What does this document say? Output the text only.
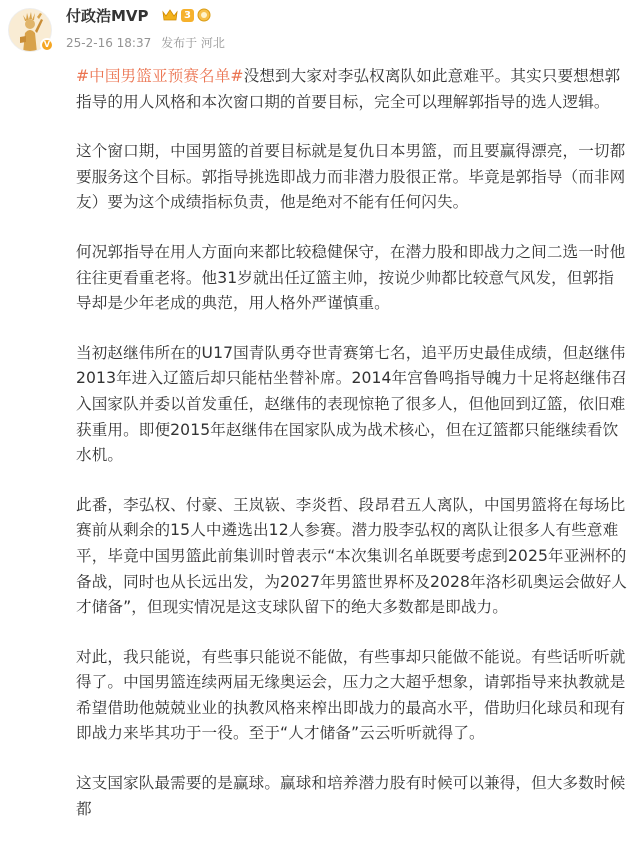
V
付政浩MVP	3
25-2-16 18:37 发布于 河北

#中国男篮亚预赛名单#没想到大家对李弘权离队如此意难平。其实只要想想郭指导的用人风格和本次窗口期的首要目标，完全可以理解郭指导的选人逻辑。

这个窗口期，中国男篮的首要目标就是复仇日本男篮，而且要赢得漂亮，一切都要服务这个目标。郭指导挑选即战力而非潜力股很正常。毕竟是郭指导（而非网友）要为这个成绩指标负责，他是绝对不能有任何闪失。

何况郭指导在用人方面向来都比较稳健保守，在潜力股和即战力之间二选一时他往往更看重老将。他31岁就出任辽篮主帅，按说少帅都比较意气风发，但郭指导却是少年老成的典范，用人格外严谨慎重。

当初赵继伟所在的U17国青队勇夺世青赛第七名，追平历史最佳成绩，但赵继伟2013年进入辽篮后却只能枯坐替补席。2014年宫鲁鸣指导魄力十足将赵继伟召入国家队并委以首发重任，赵继伟的表现惊艳了很多人，但他回到辽篮，依旧难获重用。即便2015年赵继伟在国家队成为战术核心，但在辽篮都只能继续看饮水机。

此番，李弘权、付豪、王岚嵚、李炎哲、段昂君五人离队，中国男篮将在每场比赛前从剩余的15人中遴选出12人参赛。潜力股李弘权的离队让很多人有些意难平，毕竟中国男篮此前集训时曾表示“本次集训名单既要考虑到2025年亚洲杯的备战，同时也从长远出发，为2027年男篮世界杯及2028年洛杉矶奥运会做好人才储备”，但现实情况是这支球队留下的绝大多数都是即战力。

对此，我只能说，有些事只能说不能做，有些事却只能做不能说。有些话听听就得了。中国男篮连续两届无缘奥运会，压力之大超乎想象，请郭指导来执教就是希望借助他兢兢业业的执教风格来榨出即战力的最高水平，借助归化球员和现有即战力来毕其功于一役。至于“人才储备”云云听听就得了。

这支国家队最需要的是赢球。赢球和培养潜力股有时候可以兼得，但大多数时候都
